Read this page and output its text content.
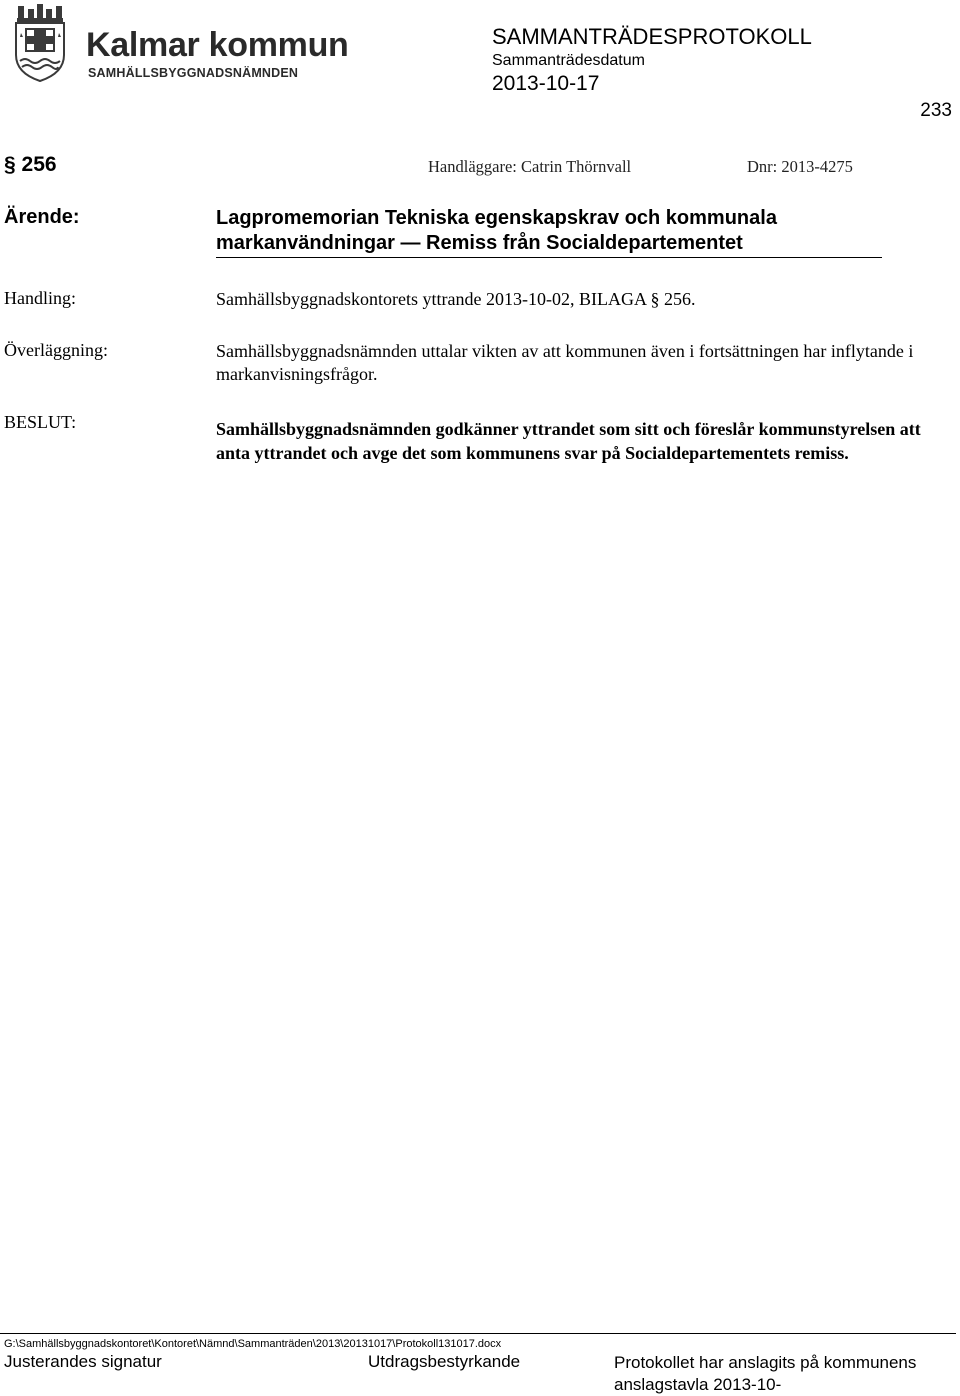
Kalmar kommun
SAMHÄLLSBYGGNADSNÄMNDEN
SAMMANTRÄDESPROTOKOLL
Sammanträdesdatum
2013-10-17
233
§ 256	Handläggare: Catrin Thörnvall	Dnr: 2013-4275
Ärende:	Lagpromemorian Tekniska egenskapskrav och kommunala markanvändningar — Remiss från Socialdepartementet
Handling:	Samhällsbyggnadskontorets yttrande 2013-10-02, BILAGA § 256.
Överläggning:	Samhällsbyggnadsnämnden uttalar vikten av att kommunen även i fortsättningen har inflytande i markanvisningsfrågor.
BESLUT:	Samhällsbyggnadsnämnden godkänner yttrandet som sitt och föreslår kommunstyrelsen att anta yttrandet och avge det som kommunens svar på Socialdepartementets remiss.
G:\Samhällsbyggnadskontoret\Kontoret\Nämnd\Sammanträden\2013\20131017\Protokoll131017.docx
Justerandes signatur	Utdragsbestyrkande	Protokollet har anslagits på kommunens anslagstavla 2013-10-
